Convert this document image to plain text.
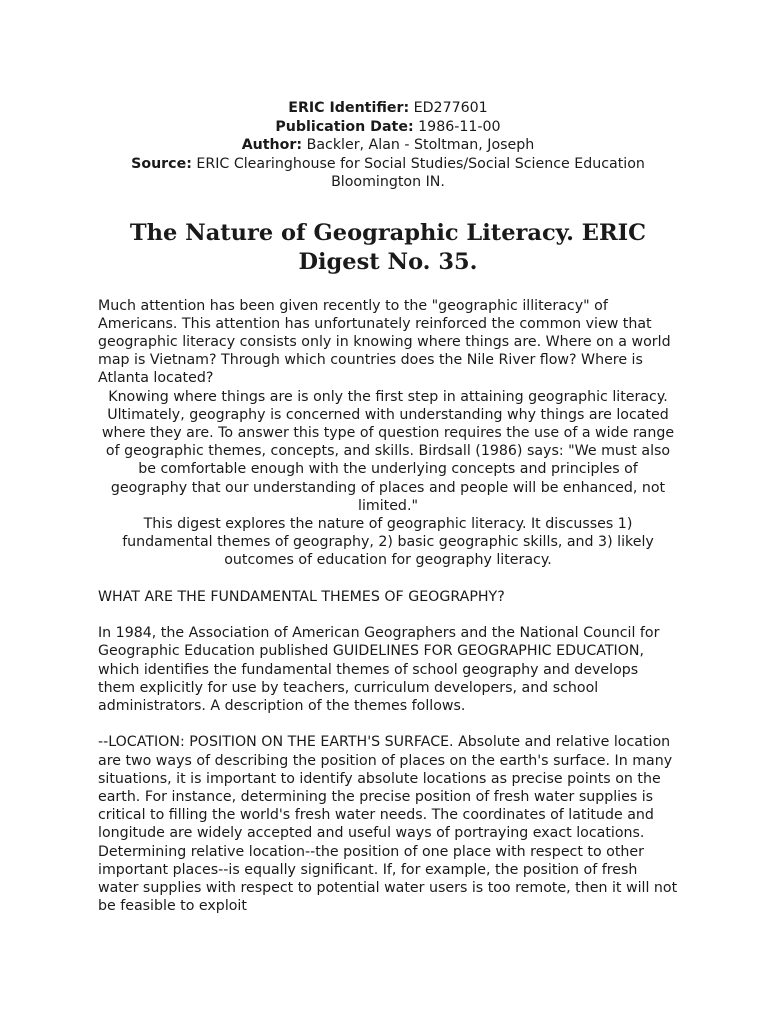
ERIC Identifier: ED277601
Publication Date: 1986-11-00
Author: Backler, Alan - Stoltman, Joseph
Source: ERIC Clearinghouse for Social Studies/Social Science Education Bloomington IN.
The Nature of Geographic Literacy. ERIC Digest No. 35.

Much attention has been given recently to the "geographic illiteracy" of Americans. This attention has unfortunately reinforced the common view that geographic literacy consists only in knowing where things are. Where on a world map is Vietnam? Through which countries does the Nile River flow? Where is Atlanta located?

Knowing where things are is only the first step in attaining geographic literacy. Ultimately, geography is concerned with understanding why things are located where they are. To answer this type of question requires the use of a wide range of geographic themes, concepts, and skills. Birdsall (1986) says: "We must also be comfortable enough with the underlying concepts and principles of geography that our understanding of places and people will be enhanced, not limited."

This digest explores the nature of geographic literacy. It discusses 1) fundamental themes of geography, 2) basic geographic skills, and 3) likely outcomes of education for geography literacy.

WHAT ARE THE FUNDAMENTAL THEMES OF GEOGRAPHY?

In 1984, the Association of American Geographers and the National Council for Geographic Education published GUIDELINES FOR GEOGRAPHIC EDUCATION, which identifies the fundamental themes of school geography and develops them explicitly for use by teachers, curriculum developers, and school administrators. A description of the themes follows.

--LOCATION: POSITION ON THE EARTH'S SURFACE. Absolute and relative location are two ways of describing the position of places on the earth's surface. In many situations, it is important to identify absolute locations as precise points on the earth. For instance, determining the precise position of fresh water supplies is critical to filling the world's fresh water needs. The coordinates of latitude and longitude are widely accepted and useful ways of portraying exact locations. Determining relative location--the position of one place with respect to other important places--is equally significant. If, for example, the position of fresh water supplies with respect to potential water users is too remote, then it will not be feasible to exploit
